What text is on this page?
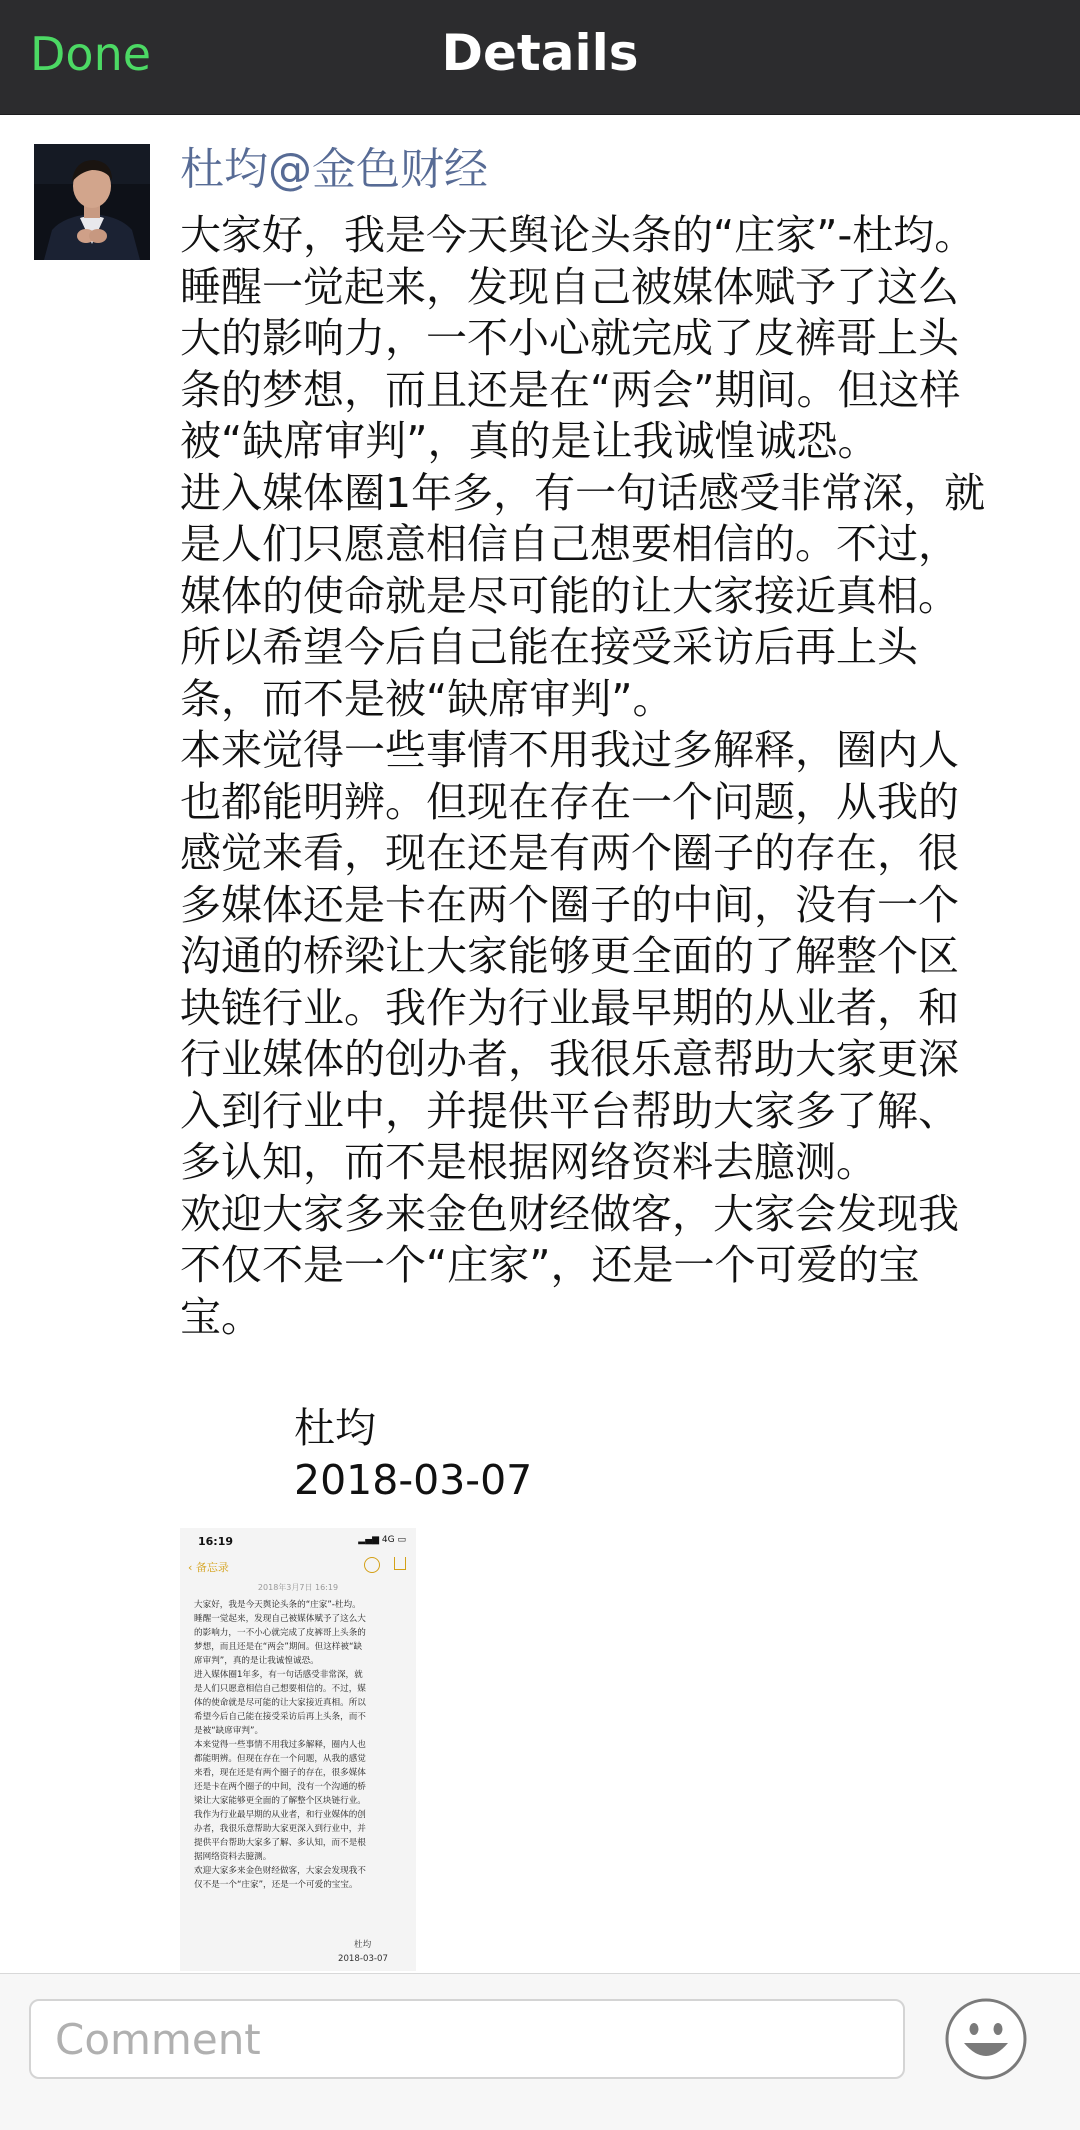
Done	Details
杜均@金色财经
大家好，我是今天舆论头条的“庄家”-杜均。
睡醒一觉起来，发现自己被媒体赋予了这么
大的影响力，一不小心就完成了皮裤哥上头
条的梦想，而且还是在“两会”期间。但这样
被“缺席审判”，真的是让我诚惶诚恐。
进入媒体圈1年多，有一句话感受非常深，就
是人们只愿意相信自己想要相信的。不过，
媒体的使命就是尽可能的让大家接近真相。
所以希望今后自己能在接受采访后再上头
条，而不是被“缺席审判”。
本来觉得一些事情不用我过多解释，圈内人
也都能明辨。但现在存在一个问题，从我的
感觉来看，现在还是有两个圈子的存在，很
多媒体还是卡在两个圈子的中间，没有一个
沟通的桥梁让大家能够更全面的了解整个区
块链行业。我作为行业最早期的从业者，和
行业媒体的创办者，我很乐意帮助大家更深
入到行业中，并提供平台帮助大家多了解、
多认知，而不是根据网络资料去臆测。
欢迎大家多来金色财经做客，大家会发现我
不仅不是一个“庄家”，还是一个可爱的宝
宝。
杜均
2018-03-07
16:19	▂▄▆ 4G ▭
‹ 备忘录
2018年3月7日 16:19
大家好，我是今天舆论头条的“庄家”-杜均。
睡醒一觉起来，发现自己被媒体赋予了这么大
的影响力，一不小心就完成了皮裤哥上头条的
梦想，而且还是在“两会”期间。但这样被“缺
席审判”，真的是让我诚惶诚恐。
进入媒体圈1年多，有一句话感受非常深，就
是人们只愿意相信自己想要相信的。不过，媒
体的使命就是尽可能的让大家接近真相。所以
希望今后自己能在接受采访后再上头条，而不
是被“缺席审判”。
本来觉得一些事情不用我过多解释，圈内人也
都能明辨。但现在存在一个问题，从我的感觉
来看，现在还是有两个圈子的存在，很多媒体
还是卡在两个圈子的中间，没有一个沟通的桥
梁让大家能够更全面的了解整个区块链行业。
我作为行业最早期的从业者，和行业媒体的创
办者，我很乐意帮助大家更深入到行业中，并
提供平台帮助大家多了解、多认知，而不是根
据网络资料去臆测。
欢迎大家多来金色财经做客，大家会发现我不
仅不是一个“庄家”，还是一个可爱的宝宝。
杜均
2018-03-07
Comment
